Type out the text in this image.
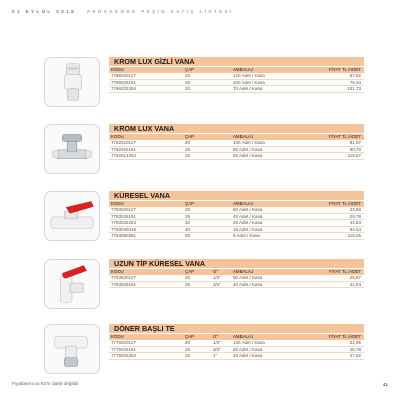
01 EYLÜL 2018 PERAKENDE PEŞİN SATIŞ LİSTESİ
KROM LUX GİZLİ VANA
KODU	ÇAP	AMBALAJ	FİYAT TL /ADET
7786020127	20	120 Adet / Kasa	67,92
7786025191	25	100 Adet / Kasa	79,34
7786032254	32	70 Adet / Kasa	101,73
KROM LUX VANA
KODU	ÇAP	AMBALAJ	FİYAT TL /ADET
7782010127	20	100 Adet / Kasa	81,57
7782015191	25	80 Adet / Kasa	90,70
7782014254	32	60 Adet / Kasa	119,57
KÜRESEL VANA
KODU	ÇAP	AMBALAJ	FİYAT TL /ADET
7783020127	20	50 Adet / Kasa	23,68
7783025191	25	40 Adet / Kasa	29,78
7783032254	32	25 Adet / Kasa	44,53
7783040318	40	15 Adet / Kasa	94,64
7783050381	50	6 Adet / Kasa	116,05
UZUN TİP KÜRESEL VANA
KODU	ÇAP	G"	AMBALAJ	FİYAT TL /ADET
7783520127	20	1/2"	50 Adet / Kasa	25,97
7783525191	25	3/4"	40 Adet / Kasa	32,04
DÖNER BAŞLI TE
KODU	ÇAP	G"	AMBALAJ	FİYAT TL /ADET
7776020127	20	1/2"	120 Adet / Kasa	22,96
7776025191	25	3/4"	50 Adet / Kasa	26,78
7776032254	32	1"	40 Adet / Kasa	47,92
Fiyatlarımıza KDV dahil değildir	41
